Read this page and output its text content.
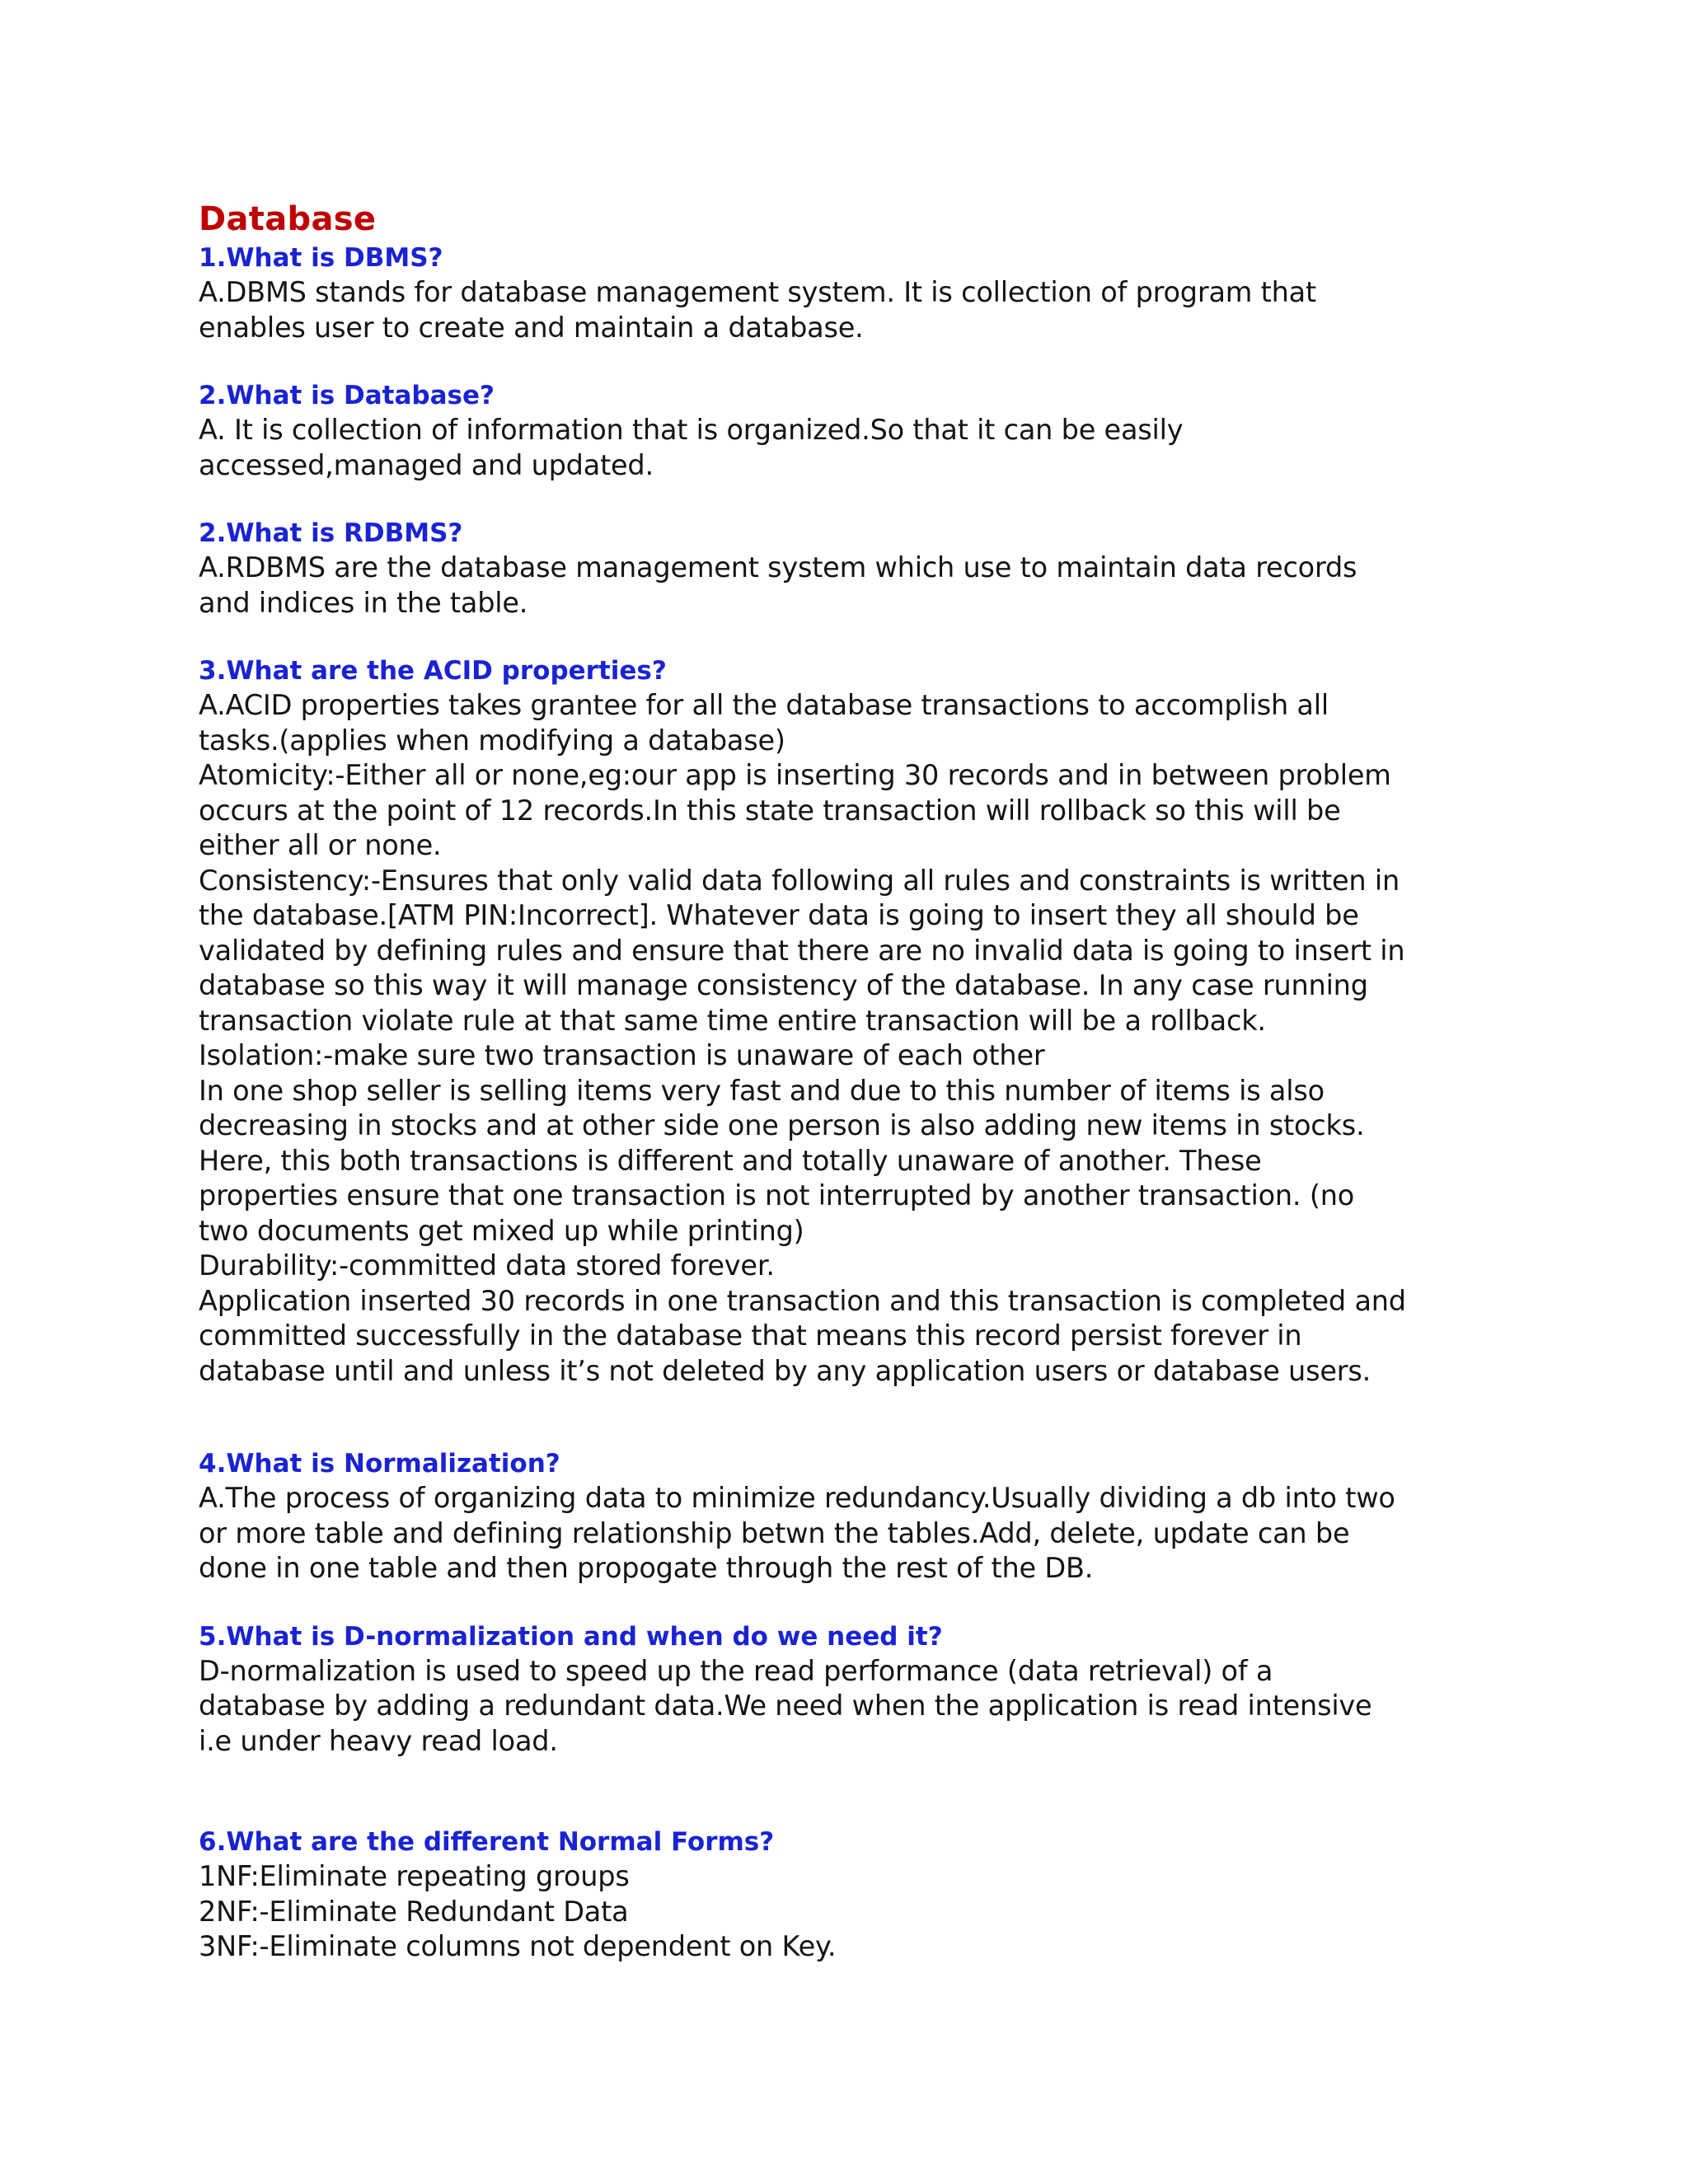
Database

1.What is DBMS?

A.DBMS stands for database management system. It is collection of program that

enables user to create and maintain a database.

2.What is Database?

A. It is collection of information that is organized.So that it can be easily

accessed,managed and updated.

2.What is RDBMS?

A.RDBMS are the database management system which use to maintain data records

and indices in the table.

3.What are the ACID properties?

A.ACID properties takes grantee for all the database transactions to accomplish all

tasks.(applies when modifying a database)

Atomicity:-Either all or none,eg:our app is inserting 30 records and in between problem

occurs at the point of 12 records.In this state transaction will rollback so this will be

either all or none.

Consistency:-Ensures that only valid data following all rules and constraints is written in

the database.[ATM PIN:Incorrect]. Whatever data is going to insert they all should be

validated by defining rules and ensure that there are no invalid data is going to insert in

database so this way it will manage consistency of the database. In any case running

transaction violate rule at that same time entire transaction will be a rollback.

Isolation:-make sure two transaction is unaware of each other

In one shop seller is selling items very fast and due to this number of items is also

decreasing in stocks and at other side one person is also adding new items in stocks.

Here, this both transactions is different and totally unaware of another. These

properties ensure that one transaction is not interrupted by another transaction. (no

two documents get mixed up while printing)

Durability:-committed data stored forever.

Application inserted 30 records in one transaction and this transaction is completed and

committed successfully in the database that means this record persist forever in

database until and unless it’s not deleted by any application users or database users.

4.What is Normalization?

A.The process of organizing data to minimize redundancy.Usually dividing a db into two

or more table and defining relationship betwn the tables.Add, delete, update can be

done in one table and then propogate through the rest of the DB.

5.What is D-normalization and when do we need it?

D-normalization is used to speed up the read performance (data retrieval) of a

database by adding a redundant data.We need when the application is read intensive

i.e under heavy read load.

6.What are the different Normal Forms?

1NF:Eliminate repeating groups

2NF:-Eliminate Redundant Data

3NF:-Eliminate columns not dependent on Key.
